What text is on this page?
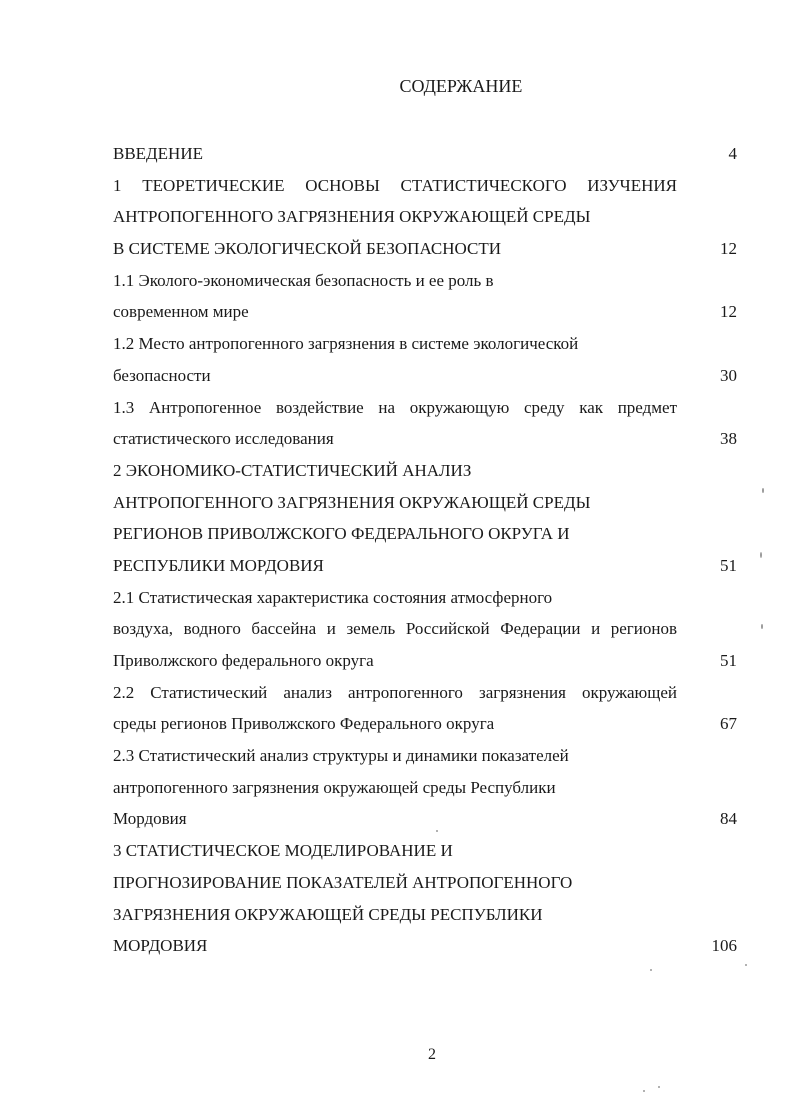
СОДЕРЖАНИЕ
ВВЕДЕНИЕ	4
1 ТЕОРЕТИЧЕСКИЕ ОСНОВЫ СТАТИСТИЧЕСКОГО ИЗУЧЕНИЯ
АНТРОПОГЕННОГО ЗАГРЯЗНЕНИЯ ОКРУЖАЮЩЕЙ СРЕДЫ
В СИСТЕМЕ ЭКОЛОГИЧЕСКОЙ БЕЗОПАСНОСТИ	12
1.1 Эколого-экономическая безопасность и ее роль в
современном мире	12
1.2 Место антропогенного загрязнения в системе экологической
безопасности	30
1.3 Антропогенное воздействие на окружающую среду как предмет
статистического исследования	38
2 ЭКОНОМИКО-СТАТИСТИЧЕСКИЙ АНАЛИЗ
АНТРОПОГЕННОГО ЗАГРЯЗНЕНИЯ ОКРУЖАЮЩЕЙ СРЕДЫ
РЕГИОНОВ ПРИВОЛЖСКОГО ФЕДЕРАЛЬНОГО ОКРУГА И
РЕСПУБЛИКИ МОРДОВИЯ	51
2.1 Статистическая характеристика состояния атмосферного
воздуха, водного бассейна и земель Российской Федерации и регионов
Приволжского федерального округа	51
2.2 Статистический анализ антропогенного загрязнения окружающей
среды регионов Приволжского Федерального округа	67
2.3 Статистический анализ структуры и динамики показателей
антропогенного загрязнения окружающей среды Республики
Мордовия	84
3 СТАТИСТИЧЕСКОЕ МОДЕЛИРОВАНИЕ И
ПРОГНОЗИРОВАНИЕ ПОКАЗАТЕЛЕЙ АНТРОПОГЕННОГО
ЗАГРЯЗНЕНИЯ ОКРУЖАЮЩЕЙ СРЕДЫ РЕСПУБЛИКИ
МОРДОВИЯ	106
2
